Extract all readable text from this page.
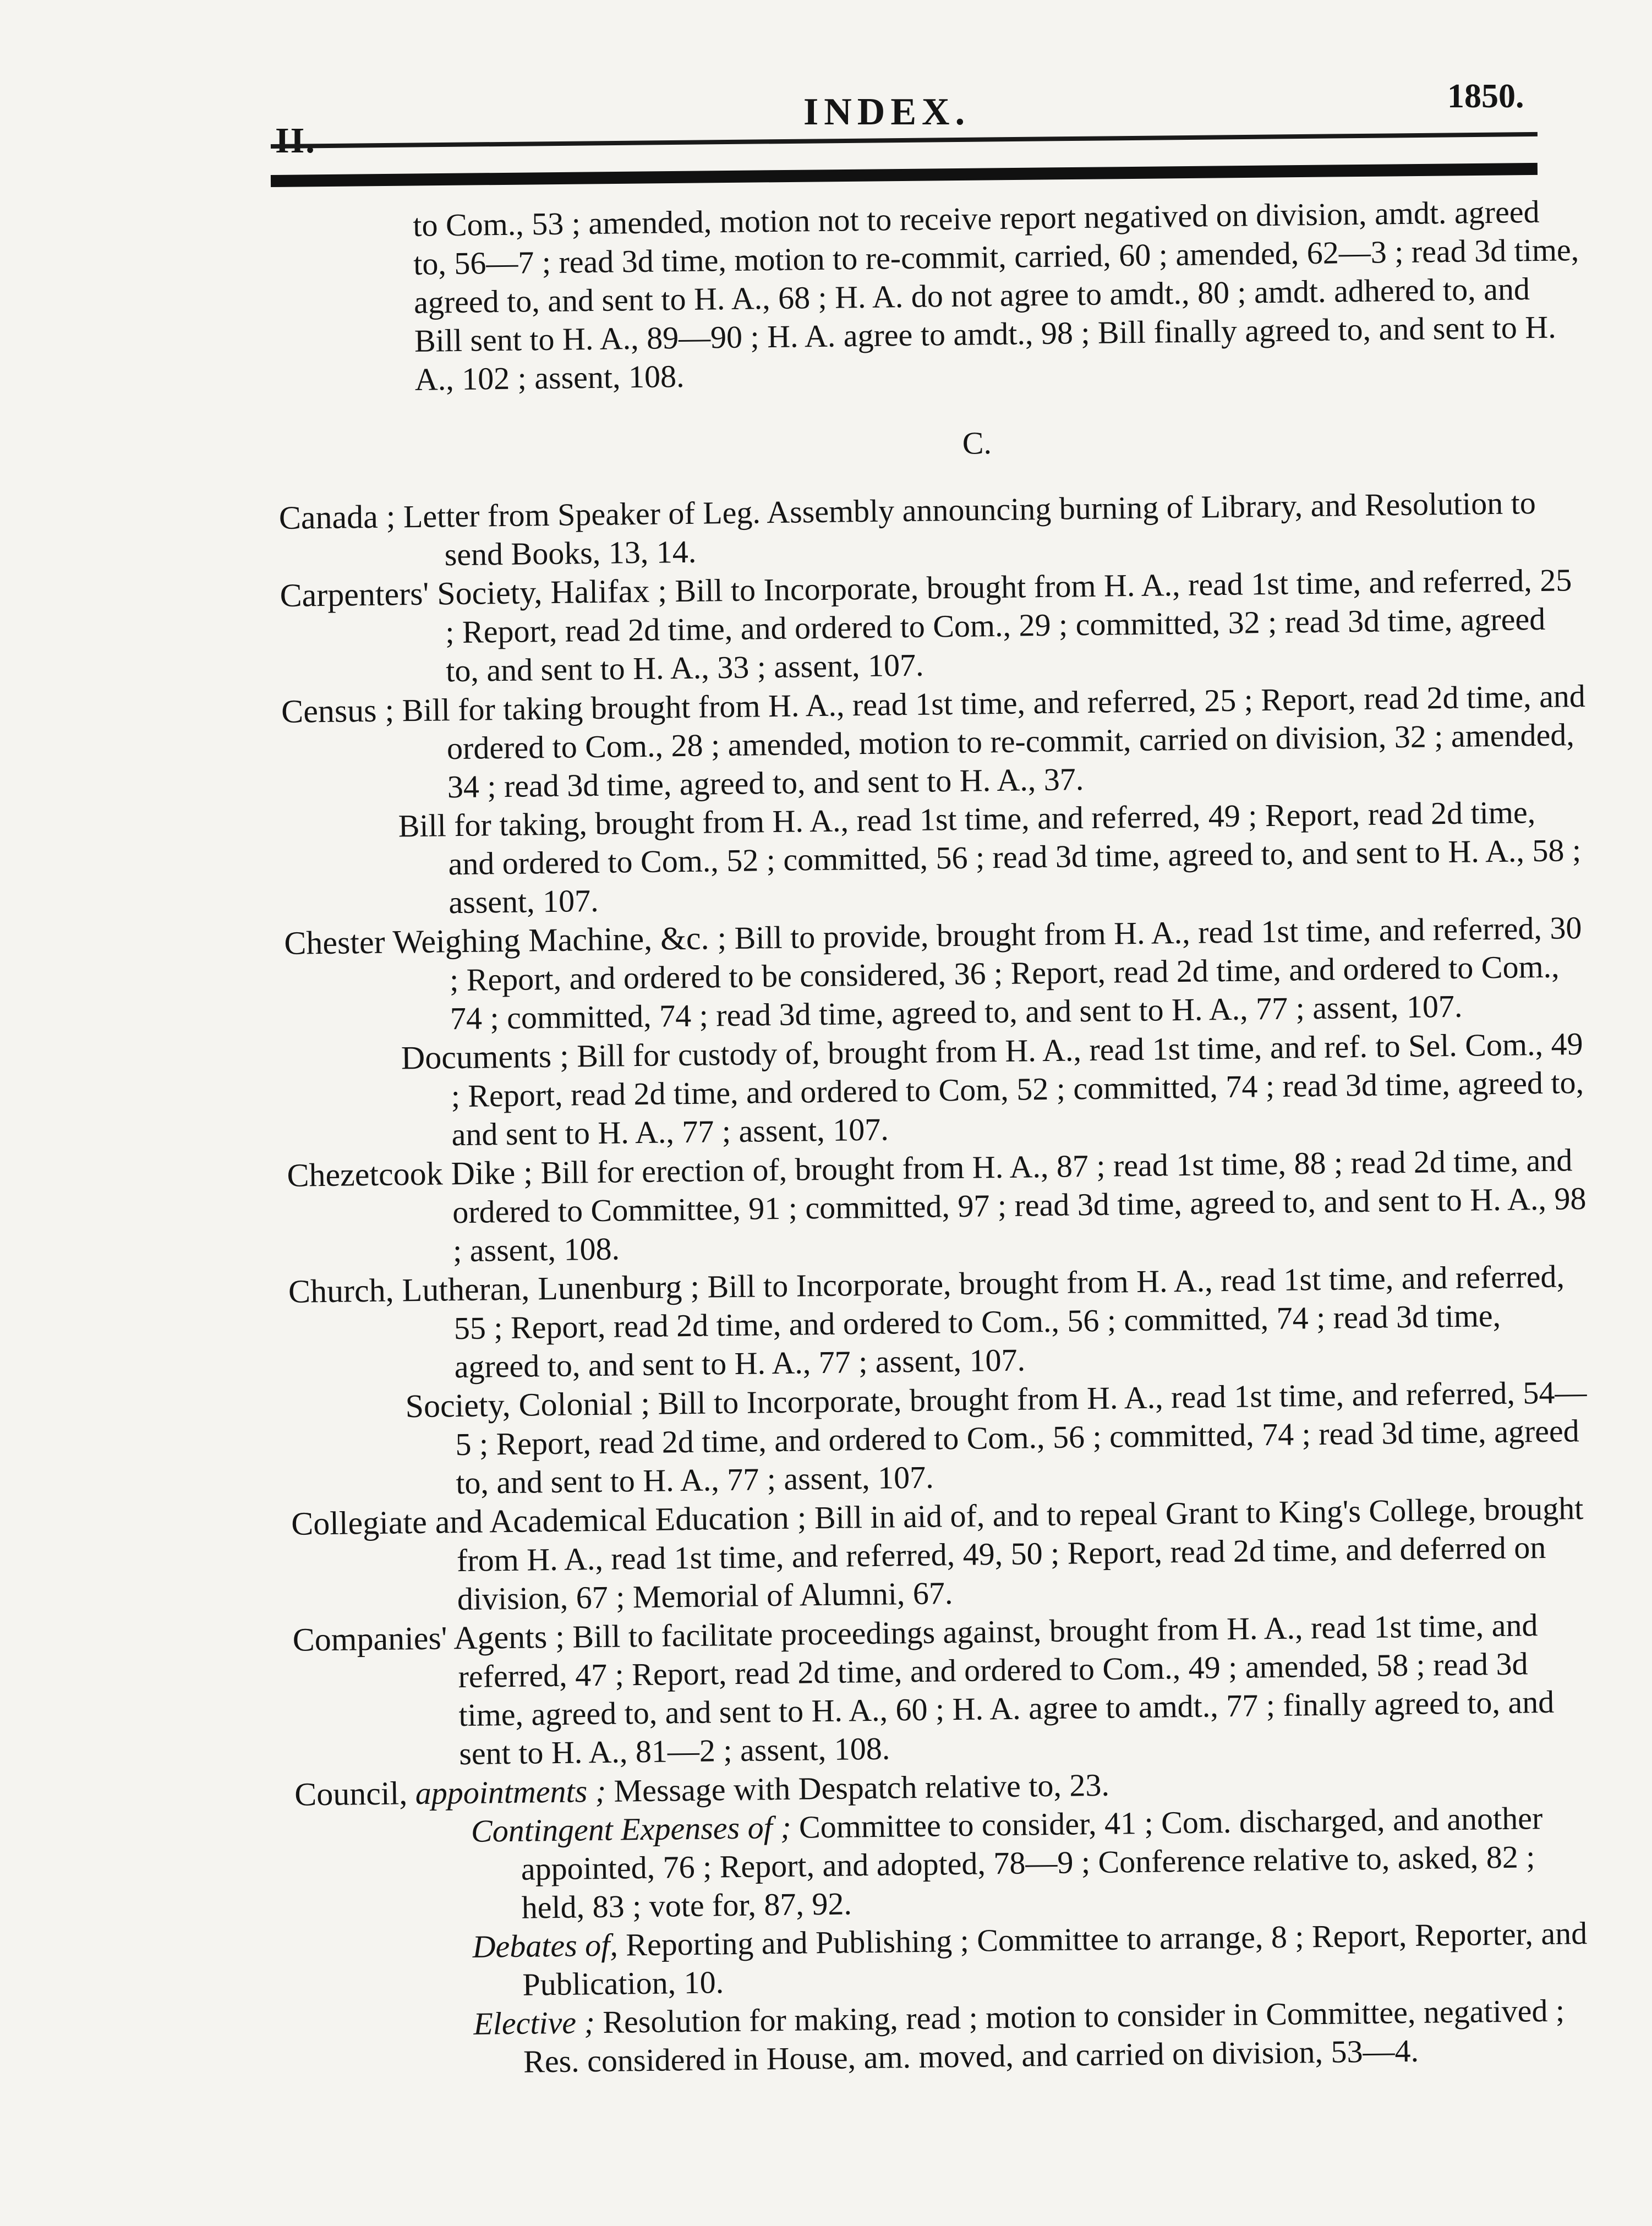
II.
INDEX.	1850.
to Com., 53 ; amended, motion not to receive report negatived on division, amdt. agreed to, 56—7 ; read 3d time, motion to re-commit, carried, 60 ; amended, 62—3 ; read 3d time, agreed to, and sent to H. A., 68 ; H. A. do not agree to amdt., 80 ; amdt. adhered to, and Bill sent to H. A., 89—90 ; H. A. agree to amdt., 98 ; Bill finally agreed to, and sent to H. A., 102 ; assent, 108.
C.
Canada ; Letter from Speaker of Leg. Assembly announcing burning of Library, and Resolution to send Books, 13, 14.
Carpenters' Society, Halifax ; Bill to Incorporate, brought from H. A., read 1st time, and referred, 25 ; Report, read 2d time, and ordered to Com., 29 ; committed, 32 ; read 3d time, agreed to, and sent to H. A., 33 ; assent, 107.
Census ; Bill for taking brought from H. A., read 1st time, and referred, 25 ; Report, read 2d time, and ordered to Com., 28 ; amended, motion to re-commit, carried on division, 32 ; amended, 34 ; read 3d time, agreed to, and sent to H. A., 37.
Bill for taking, brought from H. A., read 1st time, and referred, 49 ; Report, read 2d time, and ordered to Com., 52 ; committed, 56 ; read 3d time, agreed to, and sent to H. A., 58 ; assent, 107.
Chester Weighing Machine, &c. ; Bill to provide, brought from H. A., read 1st time, and referred, 30 ; Report, and ordered to be considered, 36 ; Report, read 2d time, and ordered to Com., 74 ; committed, 74 ; read 3d time, agreed to, and sent to H. A., 77 ; assent, 107.
Documents ; Bill for custody of, brought from H. A., read 1st time, and ref. to Sel. Com., 49 ; Report, read 2d time, and ordered to Com, 52 ; committed, 74 ; read 3d time, agreed to, and sent to H. A., 77 ; assent, 107.
Chezetcook Dike ; Bill for erection of, brought from H. A., 87 ; read 1st time, 88 ; read 2d time, and ordered to Committee, 91 ; committed, 97 ; read 3d time, agreed to, and sent to H. A., 98 ; assent, 108.
Church, Lutheran, Lunenburg ; Bill to Incorporate, brought from H. A., read 1st time, and referred, 55 ; Report, read 2d time, and ordered to Com., 56 ; committed, 74 ; read 3d time, agreed to, and sent to H. A., 77 ; assent, 107.
Society, Colonial ; Bill to Incorporate, brought from H. A., read 1st time, and referred, 54—5 ; Report, read 2d time, and ordered to Com., 56 ; committed, 74 ; read 3d time, agreed to, and sent to H. A., 77 ; assent, 107.
Collegiate and Academical Education ; Bill in aid of, and to repeal Grant to King's College, brought from H. A., read 1st time, and referred, 49, 50 ; Report, read 2d time, and deferred on division, 67 ; Memorial of Alumni, 67.
Companies' Agents ; Bill to facilitate proceedings against, brought from H. A., read 1st time, and referred, 47 ; Report, read 2d time, and ordered to Com., 49 ; amended, 58 ; read 3d time, agreed to, and sent to H. A., 60 ; H. A. agree to amdt., 77 ; finally agreed to, and sent to H. A., 81—2 ; assent, 108.
Council, appointments ; Message with Despatch relative to, 23.
Contingent Expenses of ; Committee to consider, 41 ; Com. discharged, and another appointed, 76 ; Report, and adopted, 78—9 ; Conference relative to, asked, 82 ; held, 83 ; vote for, 87, 92.
Debates of, Reporting and Publishing ; Committee to arrange, 8 ; Report, Reporter, and Publication, 10.
Elective ; Resolution for making, read ; motion to consider in Committee, negatived ; Res. considered in House, am. moved, and carried on division, 53—4.
